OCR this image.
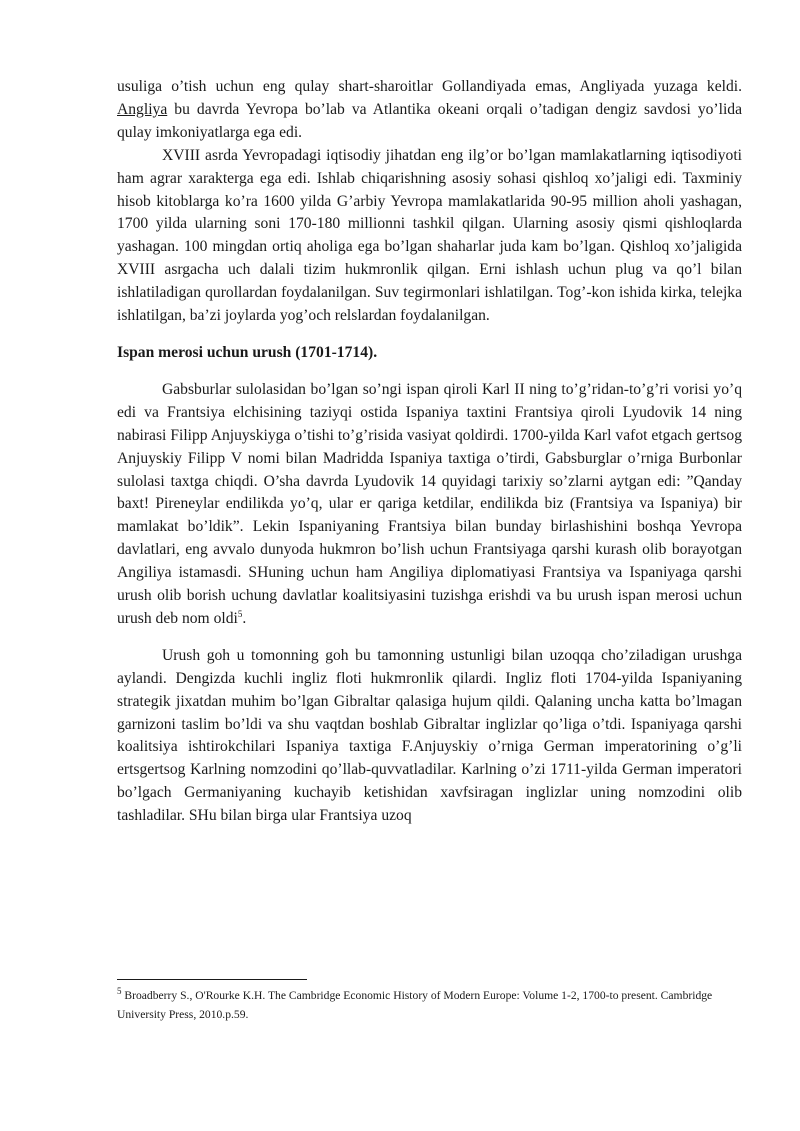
usuliga o’tish uchun eng qulay shart-sharoitlar Gollandiyada emas, Angliyada yuzaga keldi. Angliya bu davrda Yevropa bo’lab va Atlantika okeani orqali o’tadigan dengiz savdosi yo’lida qulay imkoniyatlarga ega edi.

XVIII asrda Yevropadagi iqtisodiy jihatdan eng ilg’or bo’lgan mamlakatlarning iqtisodiyoti ham agrar xarakterga ega edi. Ishlab chiqarishning asosiy sohasi qishloq xo’jaligi edi. Taxminiy hisob kitoblarga ko’ra 1600 yilda G’arbiy Yevropa mamlakatlarida 90-95 million aholi yashagan, 1700 yilda ularning soni 170-180 millionni tashkil qilgan. Ularning asosiy qismi qishloqlarda yashagan. 100 mingdan ortiq aholiga ega bo’lgan shaharlar juda kam bo’lgan. Qishloq xo’jaligida XVIII asrgacha uch dalali tizim hukmronlik qilgan. Erni ishlash uchun plug va qo’l bilan ishlatiladigan qurollardan foydalanilgan. Suv tegirmonlari ishlatilgan. Tog’-kon ishida kirka, telejka ishlatilgan, ba’zi joylarda yog’och relslardan foydalanilgan.

Ispan merosi uchun urush (1701-1714).

Gabsburlar sulolasidan bo’lgan so’ngi ispan qiroli Karl II ning to’g’ridan-to’g’ri vorisi yo’q edi va Frantsiya elchisining taziyqi ostida Ispaniya taxtini Frantsiya qiroli Lyudovik 14 ning nabirasi Filipp Anjuyskiyga o’tishi to’g’risida vasiyat qoldirdi. 1700-yilda Karl vafot etgach gertsog Anjuyskiy Filipp V nomi bilan Madridda Ispaniya taxtiga o’tirdi, Gabsburglar o’rniga Burbonlar sulolasi taxtga chiqdi. O’sha davrda Lyudovik 14 quyidagi tarixiy so’zlarni aytgan edi: ”Qanday baxt! Pireneylar endilikda yo’q, ular er qariga ketdilar, endilikda biz (Frantsiya va Ispaniya) bir mamlakat bo’ldik”. Lekin Ispaniyaning Frantsiya bilan bunday birlashishini boshqa Yevropa davlatlari, eng avvalo dunyoda hukmron bo’lish uchun Frantsiyaga qarshi kurash olib borayotgan Angiliya istamasdi. SHuning uchun ham Angiliya diplomatiyasi Frantsiya va Ispaniyaga qarshi urush olib borish uchung davlatlar koalitsiyasini tuzishga erishdi va bu urush ispan merosi uchun urush deb nom oldi$^5$.

Urush goh u tomonning goh bu tamonning ustunligi bilan uzoqqa cho’ziladigan urushga aylandi. Dengizda kuchli ingliz floti hukmronlik qilardi. Ingliz floti 1704-yilda Ispaniyaning strategik jixatdan muhim bo’lgan Gibraltar qalasiga hujum qildi. Qalaning uncha katta bo’lmagan garnizoni taslim bo’ldi va shu vaqtdan boshlab Gibraltar inglizlar qo’liga o’tdi. Ispaniyaga qarshi koalitsiya ishtirokchilari Ispaniya taxtiga F.Anjuyskiy o’rniga German imperatorining o’g’li ertsgertsog Karlning nomzodini qo’llab-quvvatladilar. Karlning o’zi 1711-yilda German imperatori bo’lgach Germaniyaning kuchayib ketishidan xavfsiragan inglizlar uning nomzodini olib tashladilar. SHu bilan birga ular Frantsiya uzoq

$^5$ Broadberry S., O'Rourke K.H. The Cambridge Economic History of Modern Europe: Volume 1-2, 1700-to present. Cambridge University Press, 2010.p.59.
